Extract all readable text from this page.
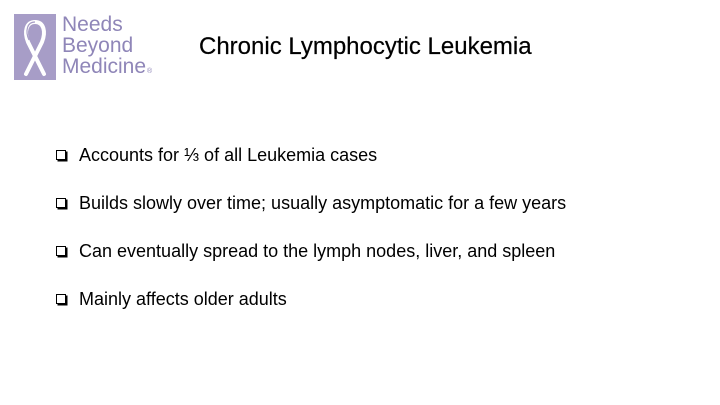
Needs
Beyond
Medicine®
Chronic Lymphocytic Leukemia
Accounts for ⅓ of all Leukemia cases
Builds slowly over time; usually asymptomatic for a few years
Can eventually spread to the lymph nodes, liver, and spleen
Mainly affects older adults
